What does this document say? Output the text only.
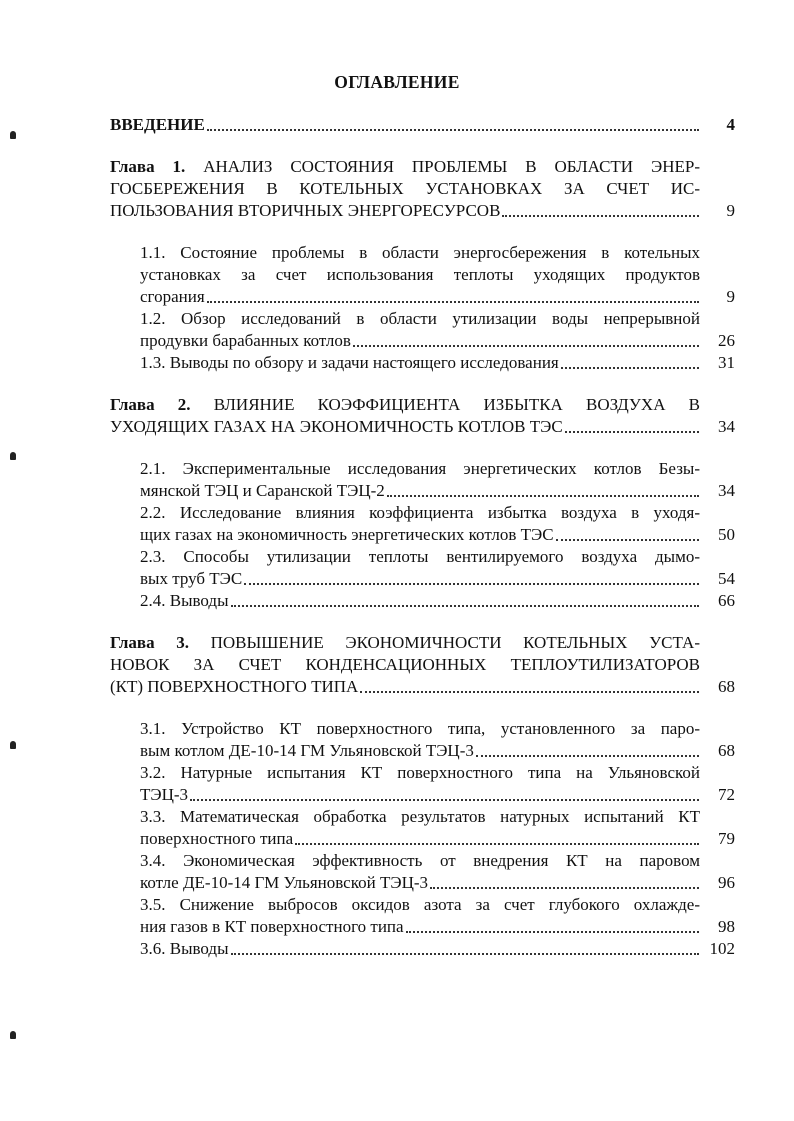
ОГЛАВЛЕНИЕ
ВВЕДЕНИЕ	4
Глава 1. АНАЛИЗ СОСТОЯНИЯ ПРОБЛЕМЫ В ОБЛАСТИ ЭНЕР-
ГОСБЕРЕЖЕНИЯ В КОТЕЛЬНЫХ УСТАНОВКАХ ЗА СЧЕТ ИС-
ПОЛЬЗОВАНИЯ ВТОРИЧНЫХ ЭНЕРГОРЕСУРСОВ	9
1.1. Состояние проблемы в области энергосбережения в котельных
установках за счет использования теплоты уходящих продуктов
сгорания	9
1.2. Обзор исследований в области утилизации воды непрерывной
продувки барабанных котлов	26
1.3. Выводы по обзору и задачи настоящего исследования	31
Глава 2. ВЛИЯНИЕ КОЭФФИЦИЕНТА ИЗБЫТКА ВОЗДУХА В
УХОДЯЩИХ ГАЗАХ НА ЭКОНОМИЧНОСТЬ КОТЛОВ ТЭС	34
2.1. Экспериментальные исследования энергетических котлов Безы-
мянской ТЭЦ и Саранской ТЭЦ-2	34
2.2. Исследование влияния коэффициента избытка воздуха в уходя-
щих газах на экономичность энергетических котлов ТЭС	50
2.3. Способы утилизации теплоты вентилируемого воздуха дымо-
вых труб ТЭС	54
2.4. Выводы	66
Глава 3. ПОВЫШЕНИЕ ЭКОНОМИЧНОСТИ КОТЕЛЬНЫХ УСТА-
НОВОК ЗА СЧЕТ КОНДЕНСАЦИОННЫХ ТЕПЛОУТИЛИЗАТОРОВ
(КТ) ПОВЕРХНОСТНОГО ТИПА	68
3.1. Устройство КТ поверхностного типа, установленного за паро-
вым котлом ДЕ-10-14 ГМ Ульяновской ТЭЦ-3	68
3.2. Натурные испытания КТ поверхностного типа на Ульяновской
ТЭЦ-3	72
3.3. Математическая обработка результатов натурных испытаний КТ
поверхностного типа	79
3.4. Экономическая эффективность от внедрения КТ на паровом
котле ДЕ-10-14 ГМ Ульяновской ТЭЦ-3	96
3.5. Снижение выбросов оксидов азота за счет глубокого охлажде-
ния газов в КТ поверхностного типа	98
3.6. Выводы	102
